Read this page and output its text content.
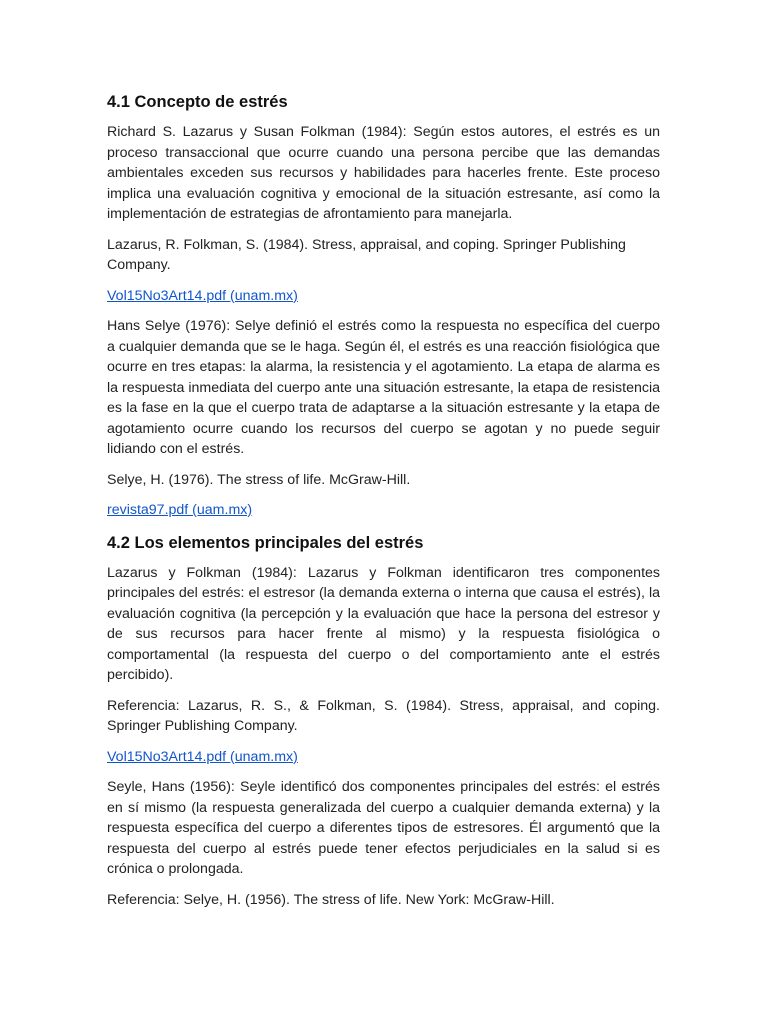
4.1 Concepto de estrés

Richard S. Lazarus y Susan Folkman (1984): Según estos autores, el estrés es un proceso transaccional que ocurre cuando una persona percibe que las demandas ambientales exceden sus recursos y habilidades para hacerles frente. Este proceso implica una evaluación cognitiva y emocional de la situación estresante, así como la implementación de estrategias de afrontamiento para manejarla.

Lazarus, R. Folkman, S. (1984). Stress, appraisal, and coping. Springer Publishing Company.

Vol15No3Art14.pdf (unam.mx)

Hans Selye (1976): Selye definió el estrés como la respuesta no específica del cuerpo a cualquier demanda que se le haga. Según él, el estrés es una reacción fisiológica que ocurre en tres etapas: la alarma, la resistencia y el agotamiento. La etapa de alarma es la respuesta inmediata del cuerpo ante una situación estresante, la etapa de resistencia es la fase en la que el cuerpo trata de adaptarse a la situación estresante y la etapa de agotamiento ocurre cuando los recursos del cuerpo se agotan y no puede seguir lidiando con el estrés.

Selye, H. (1976). The stress of life. McGraw-Hill.

revista97.pdf (uam.mx)
4.2 Los elementos principales del estrés

Lazarus y Folkman (1984): Lazarus y Folkman identificaron tres componentes principales del estrés: el estresor (la demanda externa o interna que causa el estrés), la evaluación cognitiva (la percepción y la evaluación que hace la persona del estresor y de sus recursos para hacer frente al mismo) y la respuesta fisiológica o comportamental (la respuesta del cuerpo o del comportamiento ante el estrés percibido).

Referencia: Lazarus, R. S., & Folkman, S. (1984). Stress, appraisal, and coping. Springer Publishing Company.

Vol15No3Art14.pdf (unam.mx)

Seyle, Hans (1956): Seyle identificó dos componentes principales del estrés: el estrés en sí mismo (la respuesta generalizada del cuerpo a cualquier demanda externa) y la respuesta específica del cuerpo a diferentes tipos de estresores. Él argumentó que la respuesta del cuerpo al estrés puede tener efectos perjudiciales en la salud si es crónica o prolongada.

Referencia: Selye, H. (1956). The stress of life. New York: McGraw-Hill.
